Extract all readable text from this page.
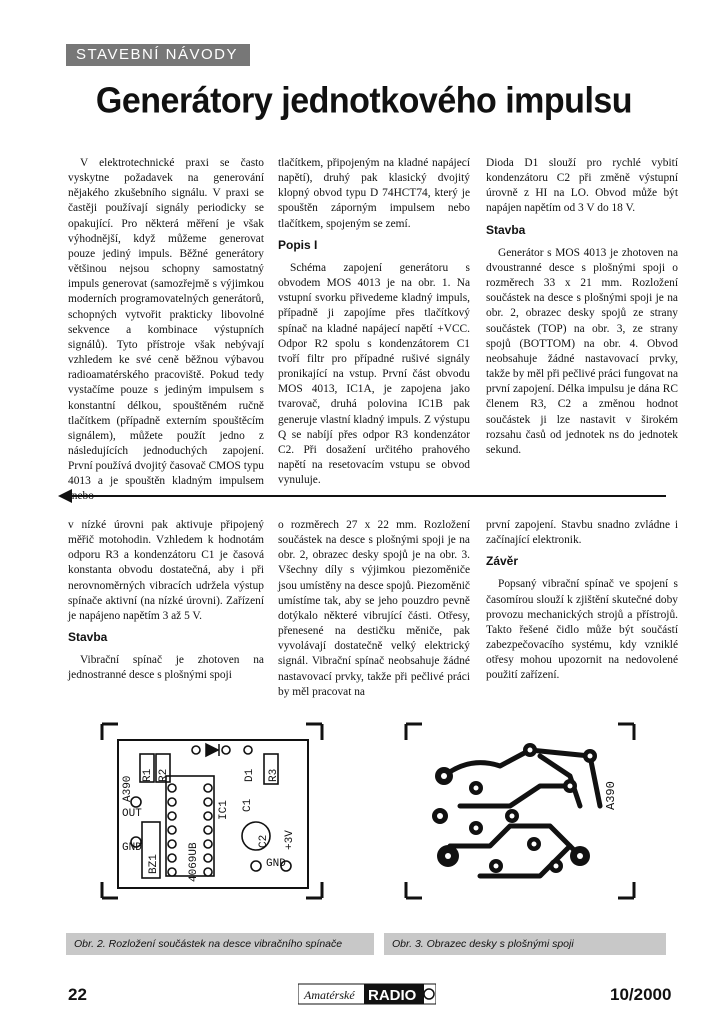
STAVEBNÍ NÁVODY
Generátory jednotkového impulsu

V elektrotechnické praxi se často vyskytne požadavek na generování nějakého zkušebního signálu. V praxi se častěji používají signály periodicky se opakující. Pro některá měření je však výhodnější, když můžeme generovat pouze jediný impuls. Běžné generátory většinou nejsou schopny samostatný impuls generovat (samozřejmě s výjimkou moderních programovatelných generátorů, schopných vytvořit prakticky libovolné sekvence a kombinace výstupních signálů). Tyto přístroje však nebývají vzhledem ke své ceně běžnou výbavou radioamatérského pracoviště. Pokud tedy vystačíme pouze s jediným impulsem s konstantní délkou, spouštěném ručně tlačítkem (případně externím spouštěcím signálem), můžete použít jedno z následujících jednoduchých zapojení. První používá dvojitý časovač CMOS typu 4013 a je spouštěn kladným impulsem

tlačítkem, připojeným na kladné napájecí napětí), druhý pak klasický dvojitý klopný obvod typu D 74HCT74, který je spouštěn záporným impulsem nebo tlačítkem, spojeným se zemí.

Popis I

Schéma zapojení generátoru s obvodem MOS 4013 je na obr. 1. Na vstupní svorku přivedeme kladný impuls, případně ji zapojíme přes tlačítkový spínač na kladné napájecí napětí +VCC. Odpor R2 spolu s kondenzátorem C1 tvoří filtr pro případné rušivé signály pronikající na vstup. První část obvodu MOS 4013, IC1A, je zapojena jako tvarovač, druhá polovina IC1B pak generuje vlastní kladný impuls. Z výstupu Q se nabíjí přes odpor R3 kondenzátor C2. Při dosažení určitého prahového napětí na resetovacím vstupu se obvod vynuluje.

Dioda D1 slouží pro rychlé vybití kondenzátoru C2 při změně výstupní úrovně z HI na LO. Obvod může být napájen napětím od 3 V do 18 V.

Stavba

Generátor s MOS 4013 je zhotoven na dvoustranné desce s plošnými spoji o rozměrech 33 x 21 mm. Rozložení součástek na desce s plošnými spoji je na obr. 2, obrazec desky spojů ze strany součástek (TOP) na obr. 3, ze strany spojů (BOTTOM) na obr. 4. Obvod neobsahuje žádné nastavovací prvky, takže by měl při pečlivé práci fungovat na první zapojení. Délka impulsu je dána RC členem R3, C2 a změnou hodnot součástek ji lze nastavit v širokém rozsahu časů od jednotek ns do jednotek sekund.

v nízké úrovni pak aktivuje připojený měřič motohodin. Vzhledem k hodnotám odporu R3 a kondenzátoru C1 je časová konstanta obvodu dostatečná, aby i při nerovnoměrných vibracích udržela výstup spínače aktivní (na nízké úrovni). Zařízení je napájeno napětím 3 až 5 V.

Stavba

Vibrační spínač je zhotoven na jednostranné desce s plošnými spoji

o rozměrech 27 x 22 mm. Rozložení součástek na desce s plošnými spoji je na obr. 2, obrazec desky spojů je na obr. 3. Všechny díly s výjimkou piezoměniče jsou umístěny na desce spojů. Piezoměnič umístíme tak, aby se jeho pouzdro pevně dotýkalo některé vibrující části. Otřesy, přenesené na destičku měniče, pak vyvolávají dostatečně velký elektrický signál. Vibrační spínač neobsahuje žádné nastavovací prvky, takže při pečlivé práci by měl pracovat na

první zapojení. Stavbu snadno zvládne i začínající elektronik.

Závěr

Popsaný vibrační spínač ve spojení s časomírou slouží k zjištění skutečné doby provozu mechanických strojů a přístrojů. Takto řešené čidlo může být součástí zabezpečovacího systému, kdy vzniklé otřesy mohou upozornit na nedovolené použití zařízení.

A390
R1 R2	D1 R3
IC1 C1
C2
OUT
GND
BZ1	4069UB
+3V
GND
A390
Obr. 2. Rozložení součástek na desce vibračního spínače	Obr. 3. Obrazec desky s plošnými spoji
22	Amatérské RADIO	10/2000
